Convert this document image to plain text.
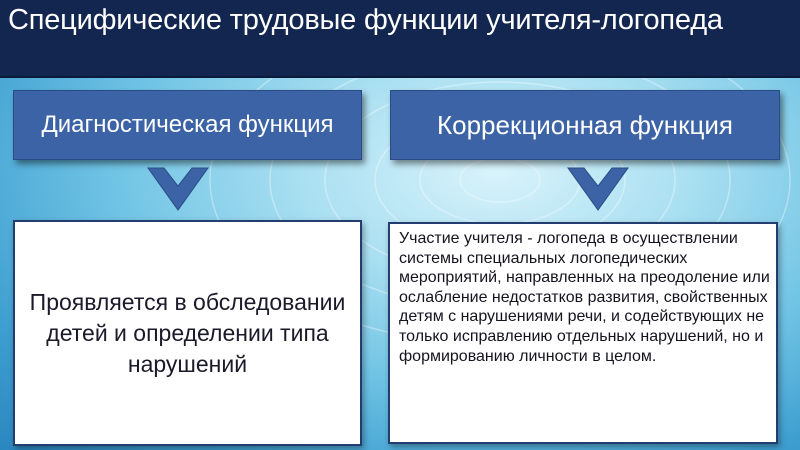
Специфические трудовые функции учителя-логопеда
Диагностическая функция	Коррекционная функция
Проявляется в обследовании детей и определении типа нарушений
Участие учителя - логопеда в осуществлении системы специальных логопедических мероприятий, направленных на преодоление или ослабление недостатков развития, свойственных детям с нарушениями речи, и содействующих не только исправлению отдельных нарушений, но и формированию личности в целом.
